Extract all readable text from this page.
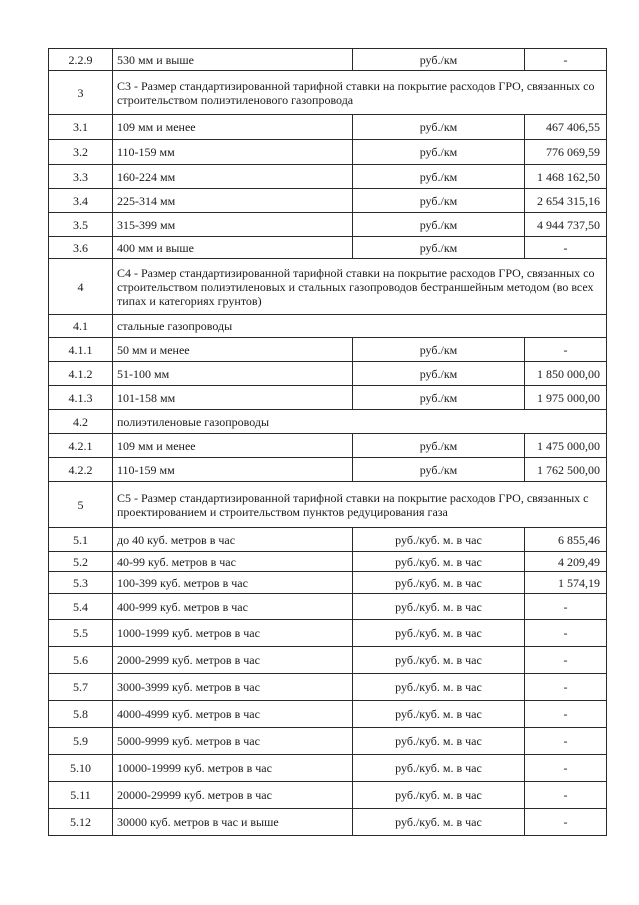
2.2.9	530 мм и выше	руб./км	-
3	С3 - Размер стандартизированной тарифной ставки на покрытие расходов ГРО, связанных со строительством полиэтиленового газопровода		
3.1	109 мм и менее	руб./км	467 406,55
3.2	110-159 мм	руб./км	776 069,59
3.3	160-224 мм	руб./км	1 468 162,50
3.4	225-314 мм	руб./км	2 654 315,16
3.5	315-399 мм	руб./км	4 944 737,50
3.6	400 мм и выше	руб./км	-
4	С4 - Размер стандартизированной тарифной ставки на покрытие расходов ГРО, связанных со строительством полиэтиленовых и стальных газопроводов бестраншейным методом (во всех типах и категориях грунтов)		
4.1	стальные газопроводы		
4.1.1	50 мм и менее	руб./км	-
4.1.2	51-100 мм	руб./км	1 850 000,00
4.1.3	101-158 мм	руб./км	1 975 000,00
4.2	полиэтиленовые газопроводы		
4.2.1	109 мм и менее	руб./км	1 475 000,00
4.2.2	110-159 мм	руб./км	1 762 500,00
5	С5 - Размер стандартизированной тарифной ставки на покрытие расходов ГРО, связанных с проектированием и строительством пунктов редуцирования газа		
5.1	до 40 куб. метров в час	руб./куб. м. в час	6 855,46
5.2	40-99 куб. метров в час	руб./куб. м. в час	4 209,49
5.3	100-399 куб. метров в час	руб./куб. м. в час	1 574,19
5.4	400-999 куб. метров в час	руб./куб. м. в час	-
5.5	1000-1999 куб. метров в час	руб./куб. м. в час	-
5.6	2000-2999 куб. метров в час	руб./куб. м. в час	-
5.7	3000-3999 куб. метров в час	руб./куб. м. в час	-
5.8	4000-4999 куб. метров в час	руб./куб. м. в час	-
5.9	5000-9999 куб. метров в час	руб./куб. м. в час	-
5.10	10000-19999 куб. метров в час	руб./куб. м. в час	-
5.11	20000-29999 куб. метров в час	руб./куб. м. в час	-
5.12	30000 куб. метров в час и выше	руб./куб. м. в час	-
